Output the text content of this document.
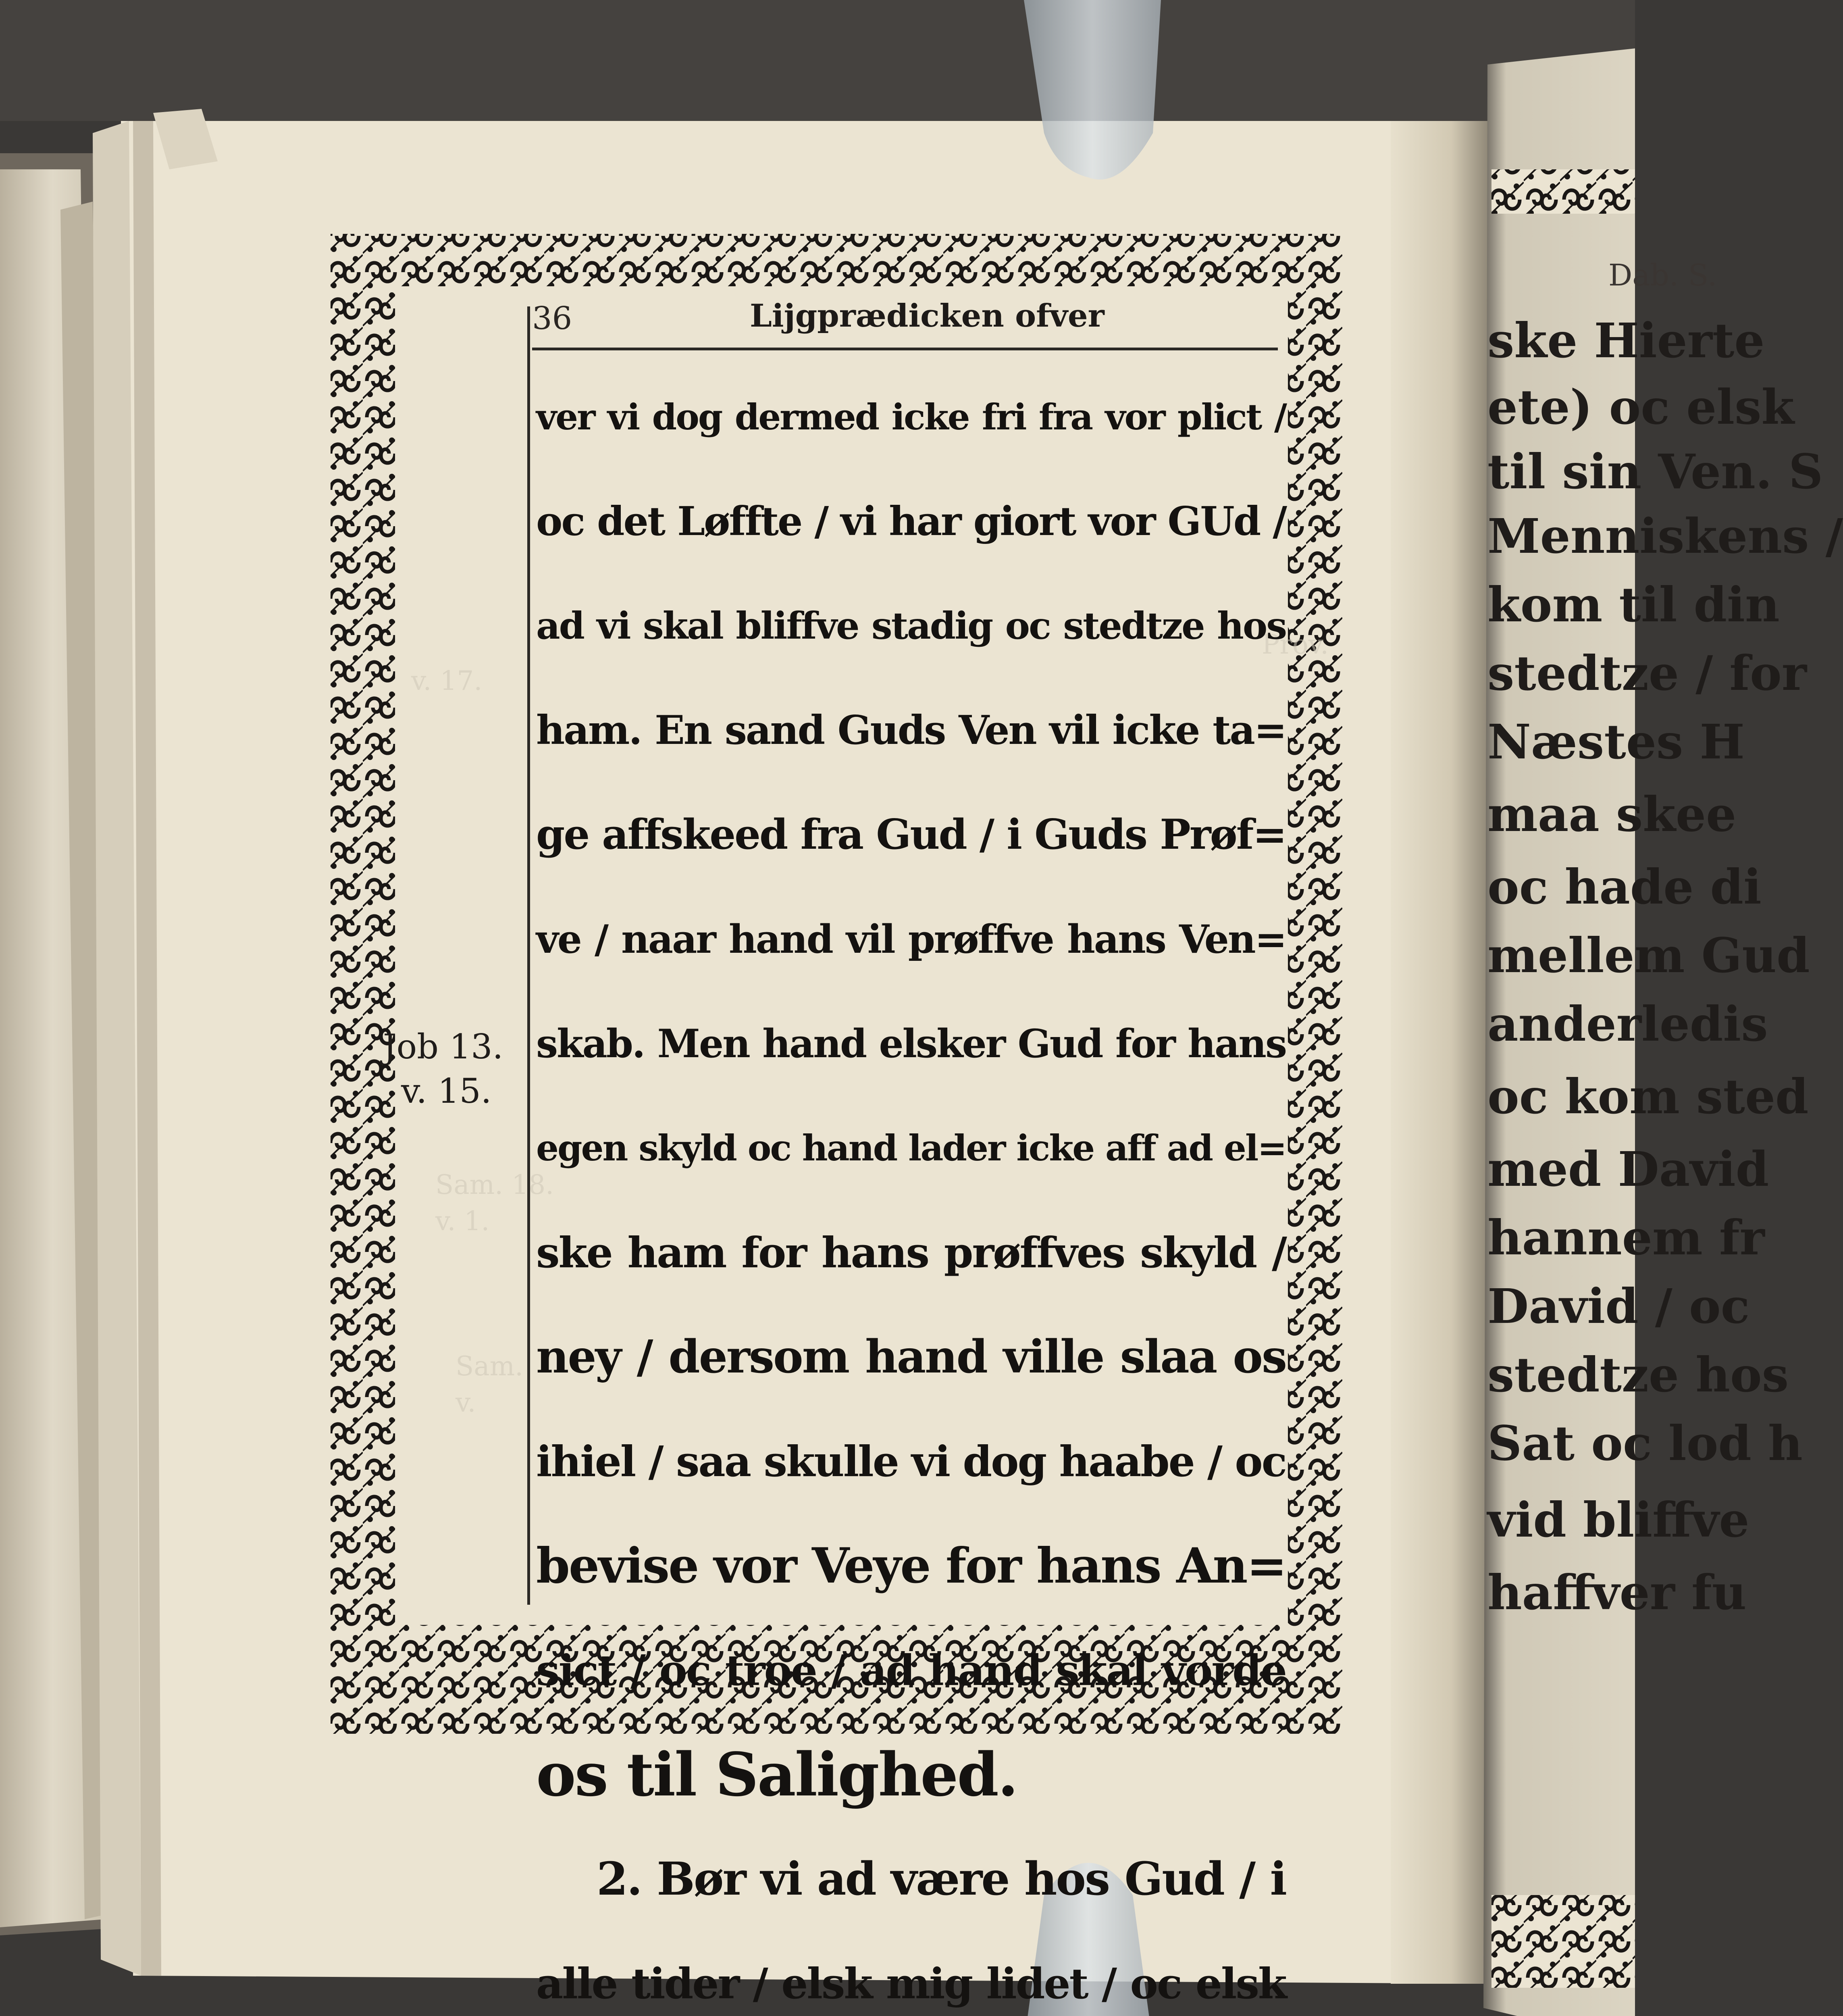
36	Lijgprædicken ofver
Prov.
v. 17.
Sam. 18.
v. 1.
Sam.
v.
Job 13.
v. 15.
ver vi dog dermed icke fri fra vor plict /
oc det Løffte / vi har giort vor GUd /
ad vi skal bliffve stadig oc stedtze hos
ham. En sand Guds Ven vil icke ta=
ge affskeed fra Gud / i Guds Prøf=
ve / naar hand vil prøffve hans Ven=
skab. Men hand elsker Gud for hans
egen skyld oc hand lader icke aff ad el=
ske ham for hans prøffves skyld /
ney / dersom hand ville slaa os
ihiel / saa skulle vi dog haabe / oc
bevise vor Veye for hans An=
sict / oc troe / ad hand skal vorde
os til Salighed.
2. Bør vi ad være hos Gud / i
alle tider / elsk mig lidet / oc elsk
Dab. S.
ske Hierte
ete) oc elsk
til sin Ven. S
Menniskens /
kom til din
stedtze / for
Næstes H
maa skee
oc hade di
mellem Gud
anderledis
oc kom sted
med David
hannem fr
David / oc
stedtze hos
Sat oc lod h
vid bliffve
haffver fu
